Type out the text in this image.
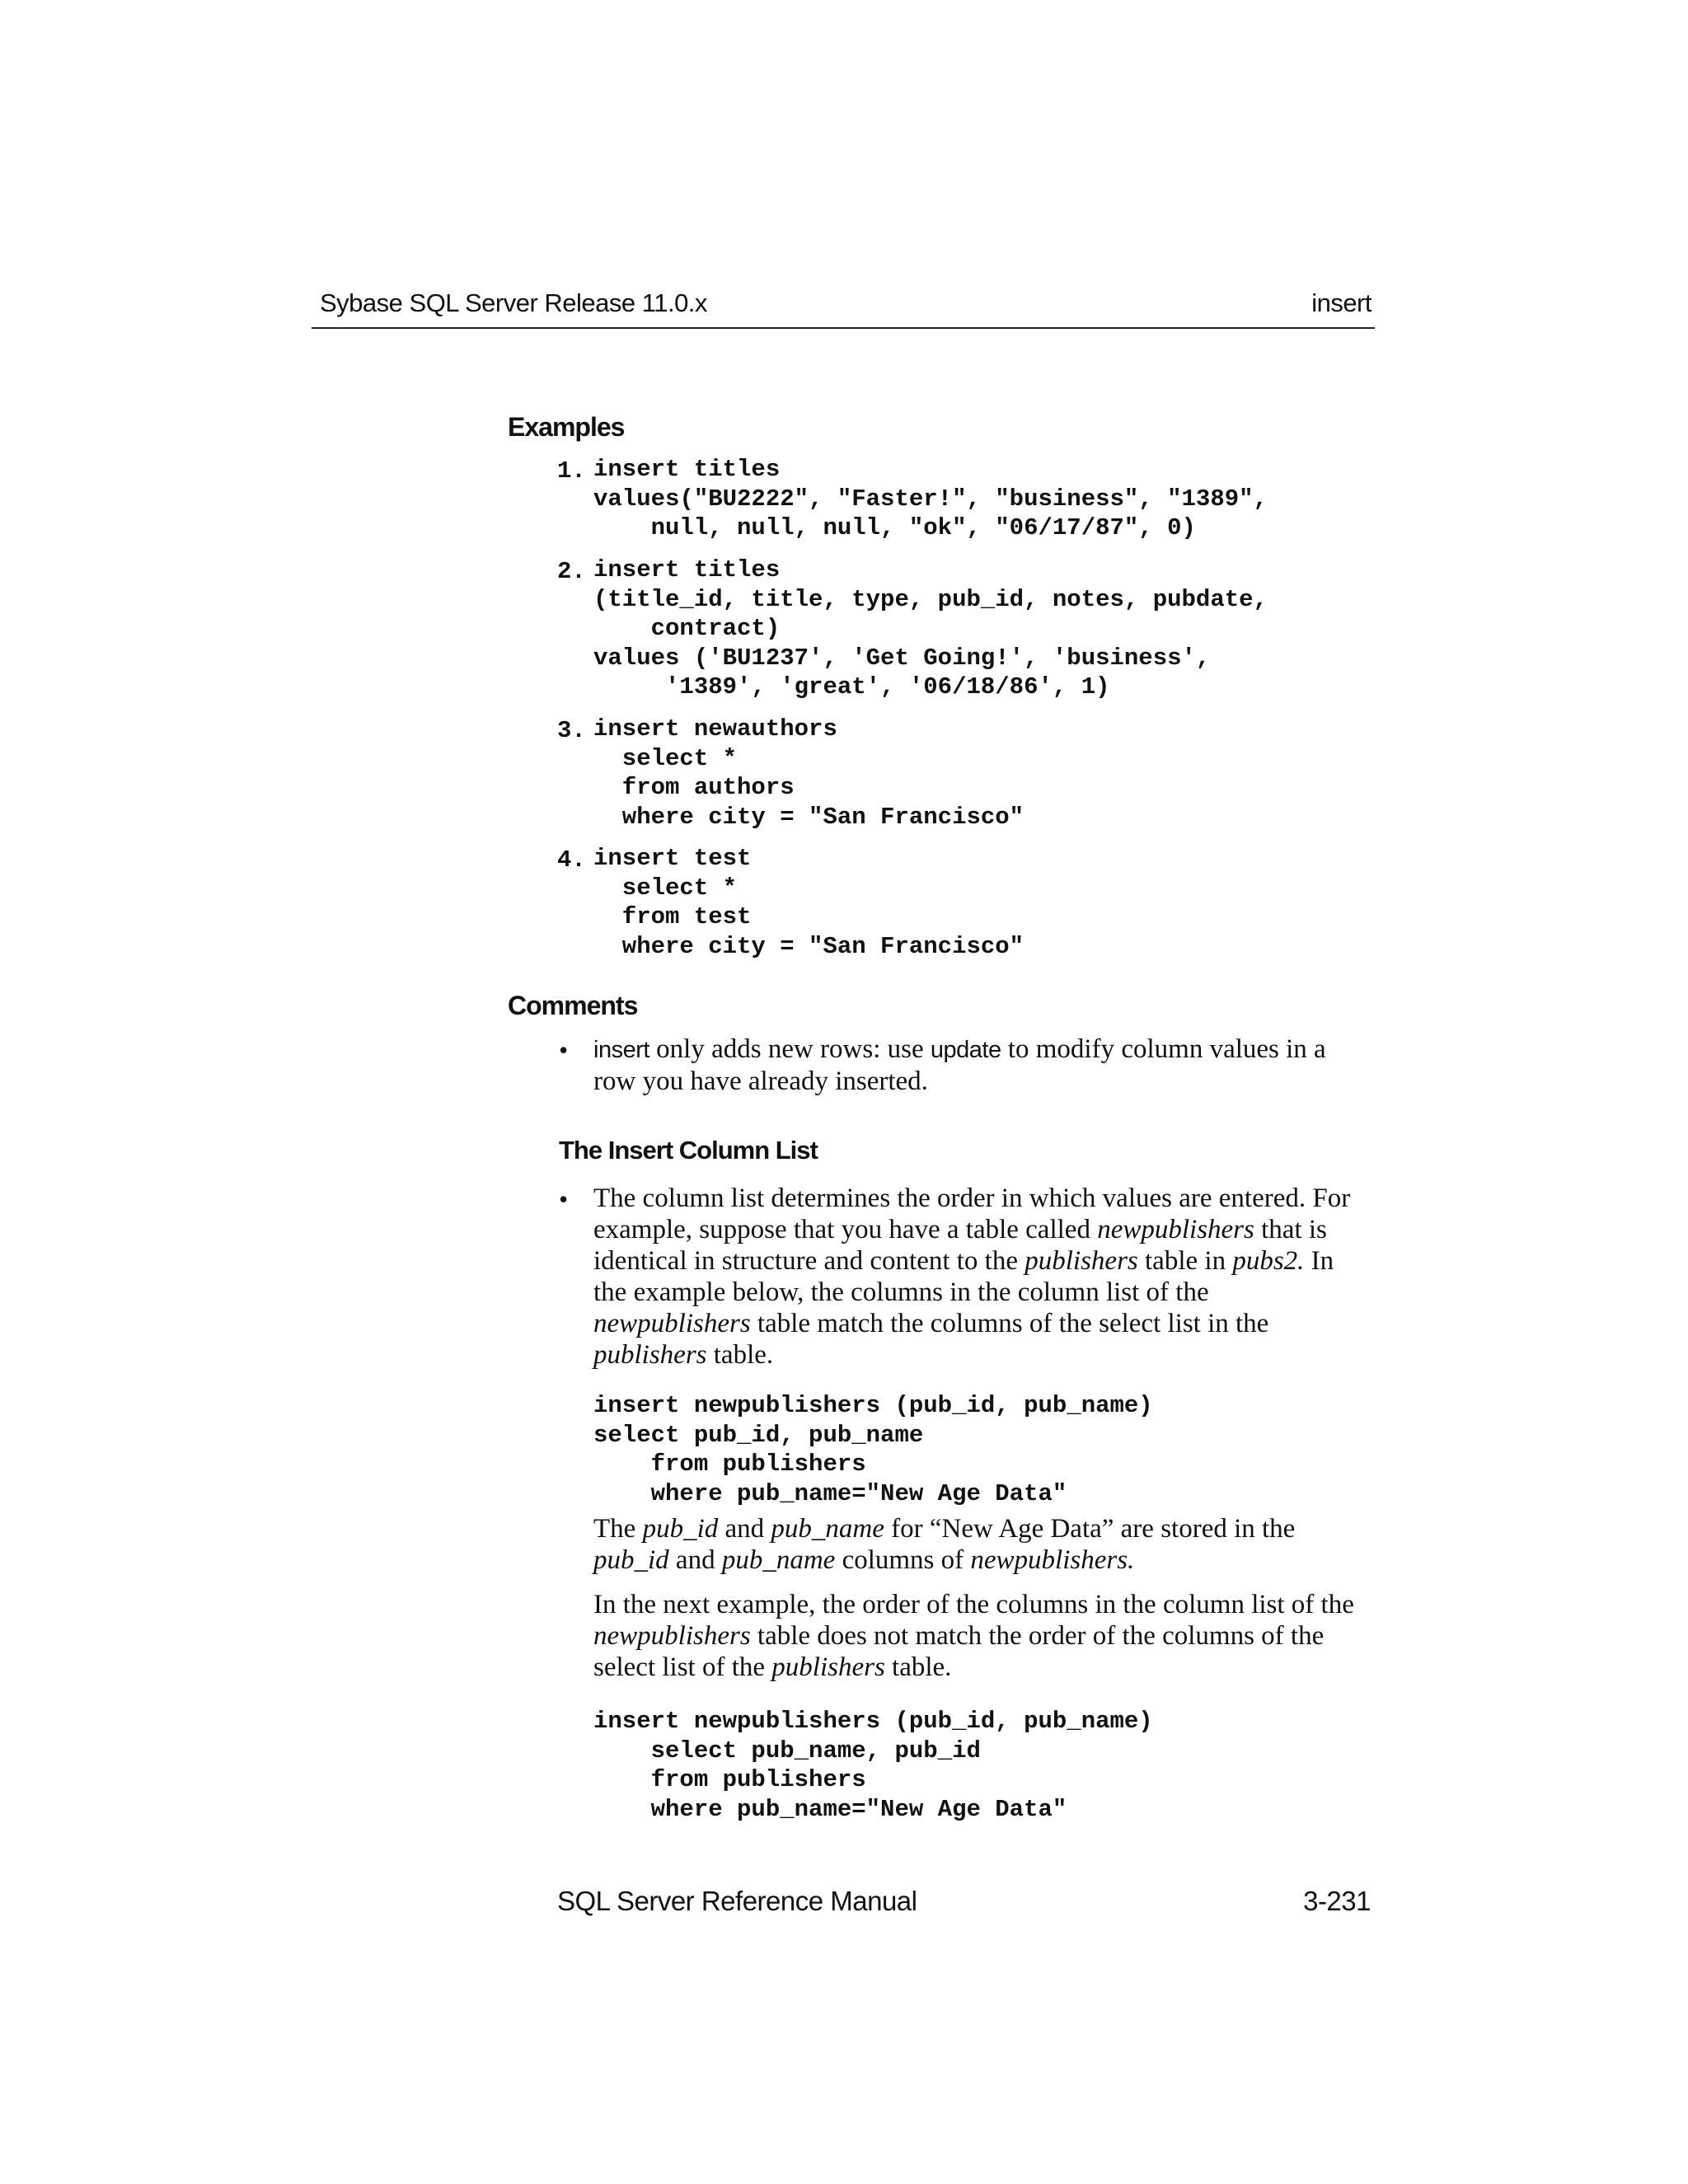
Sybase SQL Server Release 11.0.x	insert
Examples
1. insert titles
values("BU2222", "Faster!", "business", "1389",
null, null, null, "ok", "06/17/87", 0)
2. insert titles
(title_id, title, type, pub_id, notes, pubdate,
contract)
values ('BU1237', 'Get Going!', 'business',
'1389', 'great', '06/18/86', 1)
3. insert newauthors
select *
from authors
where city = "San Francisco"
4. insert test
select *
from test
where city = "San Francisco"
Comments
• insert only adds new rows: use update to modify column values in a row you have already inserted.

The Insert Column List
• The column list determines the order in which values are entered. For example, suppose that you have a table called newpublishers that is identical in structure and content to the publishers table in pubs2. In the example below, the columns in the column list of the newpublishers table match the columns of the select list in the publishers table.

insert newpublishers (pub_id, pub_name)
select pub_id, pub_name
from publishers
where pub_name="New Age Data"

The pub_id and pub_name for “New Age Data” are stored in the pub_id and pub_name columns of newpublishers.

In the next example, the order of the columns in the column list of the newpublishers table does not match the order of the columns of the select list of the publishers table.

insert newpublishers (pub_id, pub_name)
select pub_name, pub_id
from publishers
where pub_name="New Age Data"
SQL Server Reference Manual	3-231
